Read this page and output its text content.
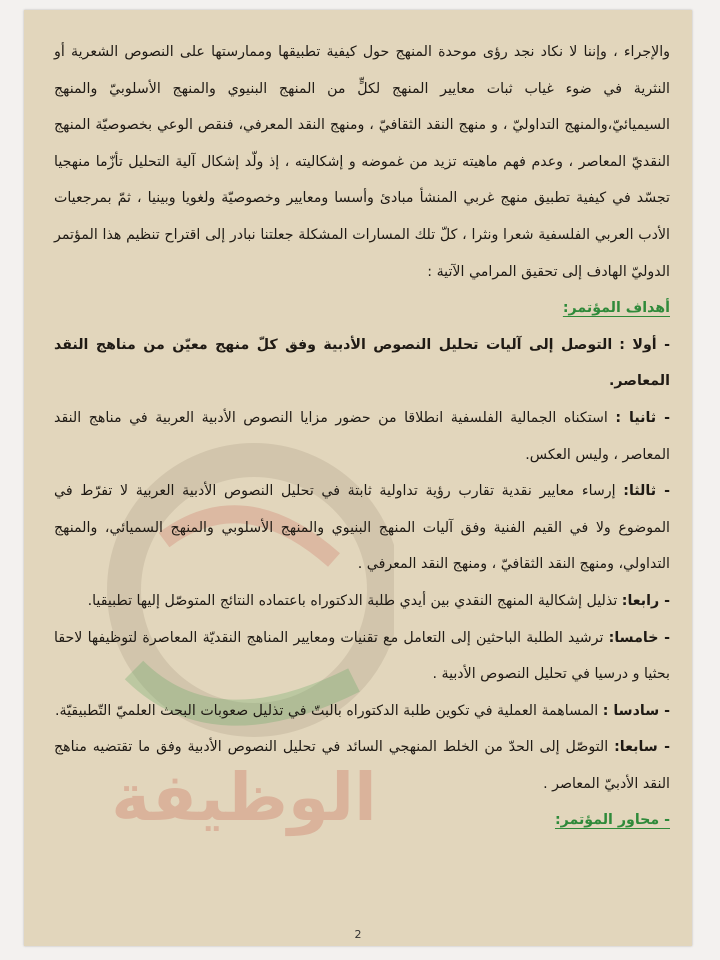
الوظيفة

والإجراء ، وإننا لا نكاد نجد رؤى موحدة المنهج حول كيفية تطبيقها وممارستها على النصوص الشعرية أو النثرية في ضوء غياب ثبات معايير المنهج لكلٍّ من المنهج البنيوي والمنهج الأسلوبيّ والمنهج السيميائيّ،والمنهج التداوليّ ، و منهج النقد الثقافيّ ، ومنهج النقد المعرفي، فنقص الوعي بخصوصيّة المنهج النقديّ المعاصر ، وعدم فهم ماهيته تزيد من غموضه و إشكاليته ، إذ ولّد إشكال آلية التحليل تأزّما منهجيا تجسّد في كيفية تطبيق منهج غربي المنشأ مبادئ وأسسا ومعايير وخصوصيّة ولغويا وبينيا ، ثمّ بمرجعيات الأدب العربي الفلسفية شعرا ونثرا ، كلّ تلك المسارات المشكلة جعلتنا نبادر إلى اقتراح تنظيم هذا المؤتمر الدوليّ الهادف إلى تحقيق المرامي الآتية :

أهداف المؤتمر:

- أولا : التوصل إلى آليات تحليل النصوص الأدبية وفق كلّ منهج معيّن من مناهج النقد المعاصر.

- ثانيا : استكناه الجمالية الفلسفية انطلاقا من حضور مزايا النصوص الأدبية العربية في مناهج النقد المعاصر ، وليس العكس.

- ثالثا: إرساء معايير نقدية تقارب رؤية تداولية ثابتة في تحليل النصوص الأدبية العربية لا تفرّط في الموضوع ولا في القيم الفنية وفق آليات المنهج البنيوي والمنهج الأسلوبي والمنهج السميائي، والمنهج التداولي، ومنهج النقد الثقافيّ ، ومنهج النقد المعرفي .

- رابعا: تذليل إشكالية المنهج النقدي بين أيدي طلبة الدكتوراه باعتماده النتائج المتوصّل إليها تطبيقيا.

- خامسا: ترشيد الطلبة الباحثين إلى التعامل مع تقنيات ومعايير المناهج النقديّة المعاصرة لتوظيفها لاحقا بحثيا و درسيا في تحليل النصوص الأدبية .

- سادسا : المساهمة العملية في تكوين طلبة الدكتوراه بالبتّ في تذليل صعوبات البحث العلميّ التّطبيقيّة.

- سابعا: التوصّل إلى الحدّ من الخلط المنهجي السائد في تحليل النصوص الأدبية وفق ما تقتضيه مناهج النقد الأدبيّ المعاصر .

- محاور المؤتمر:

2
